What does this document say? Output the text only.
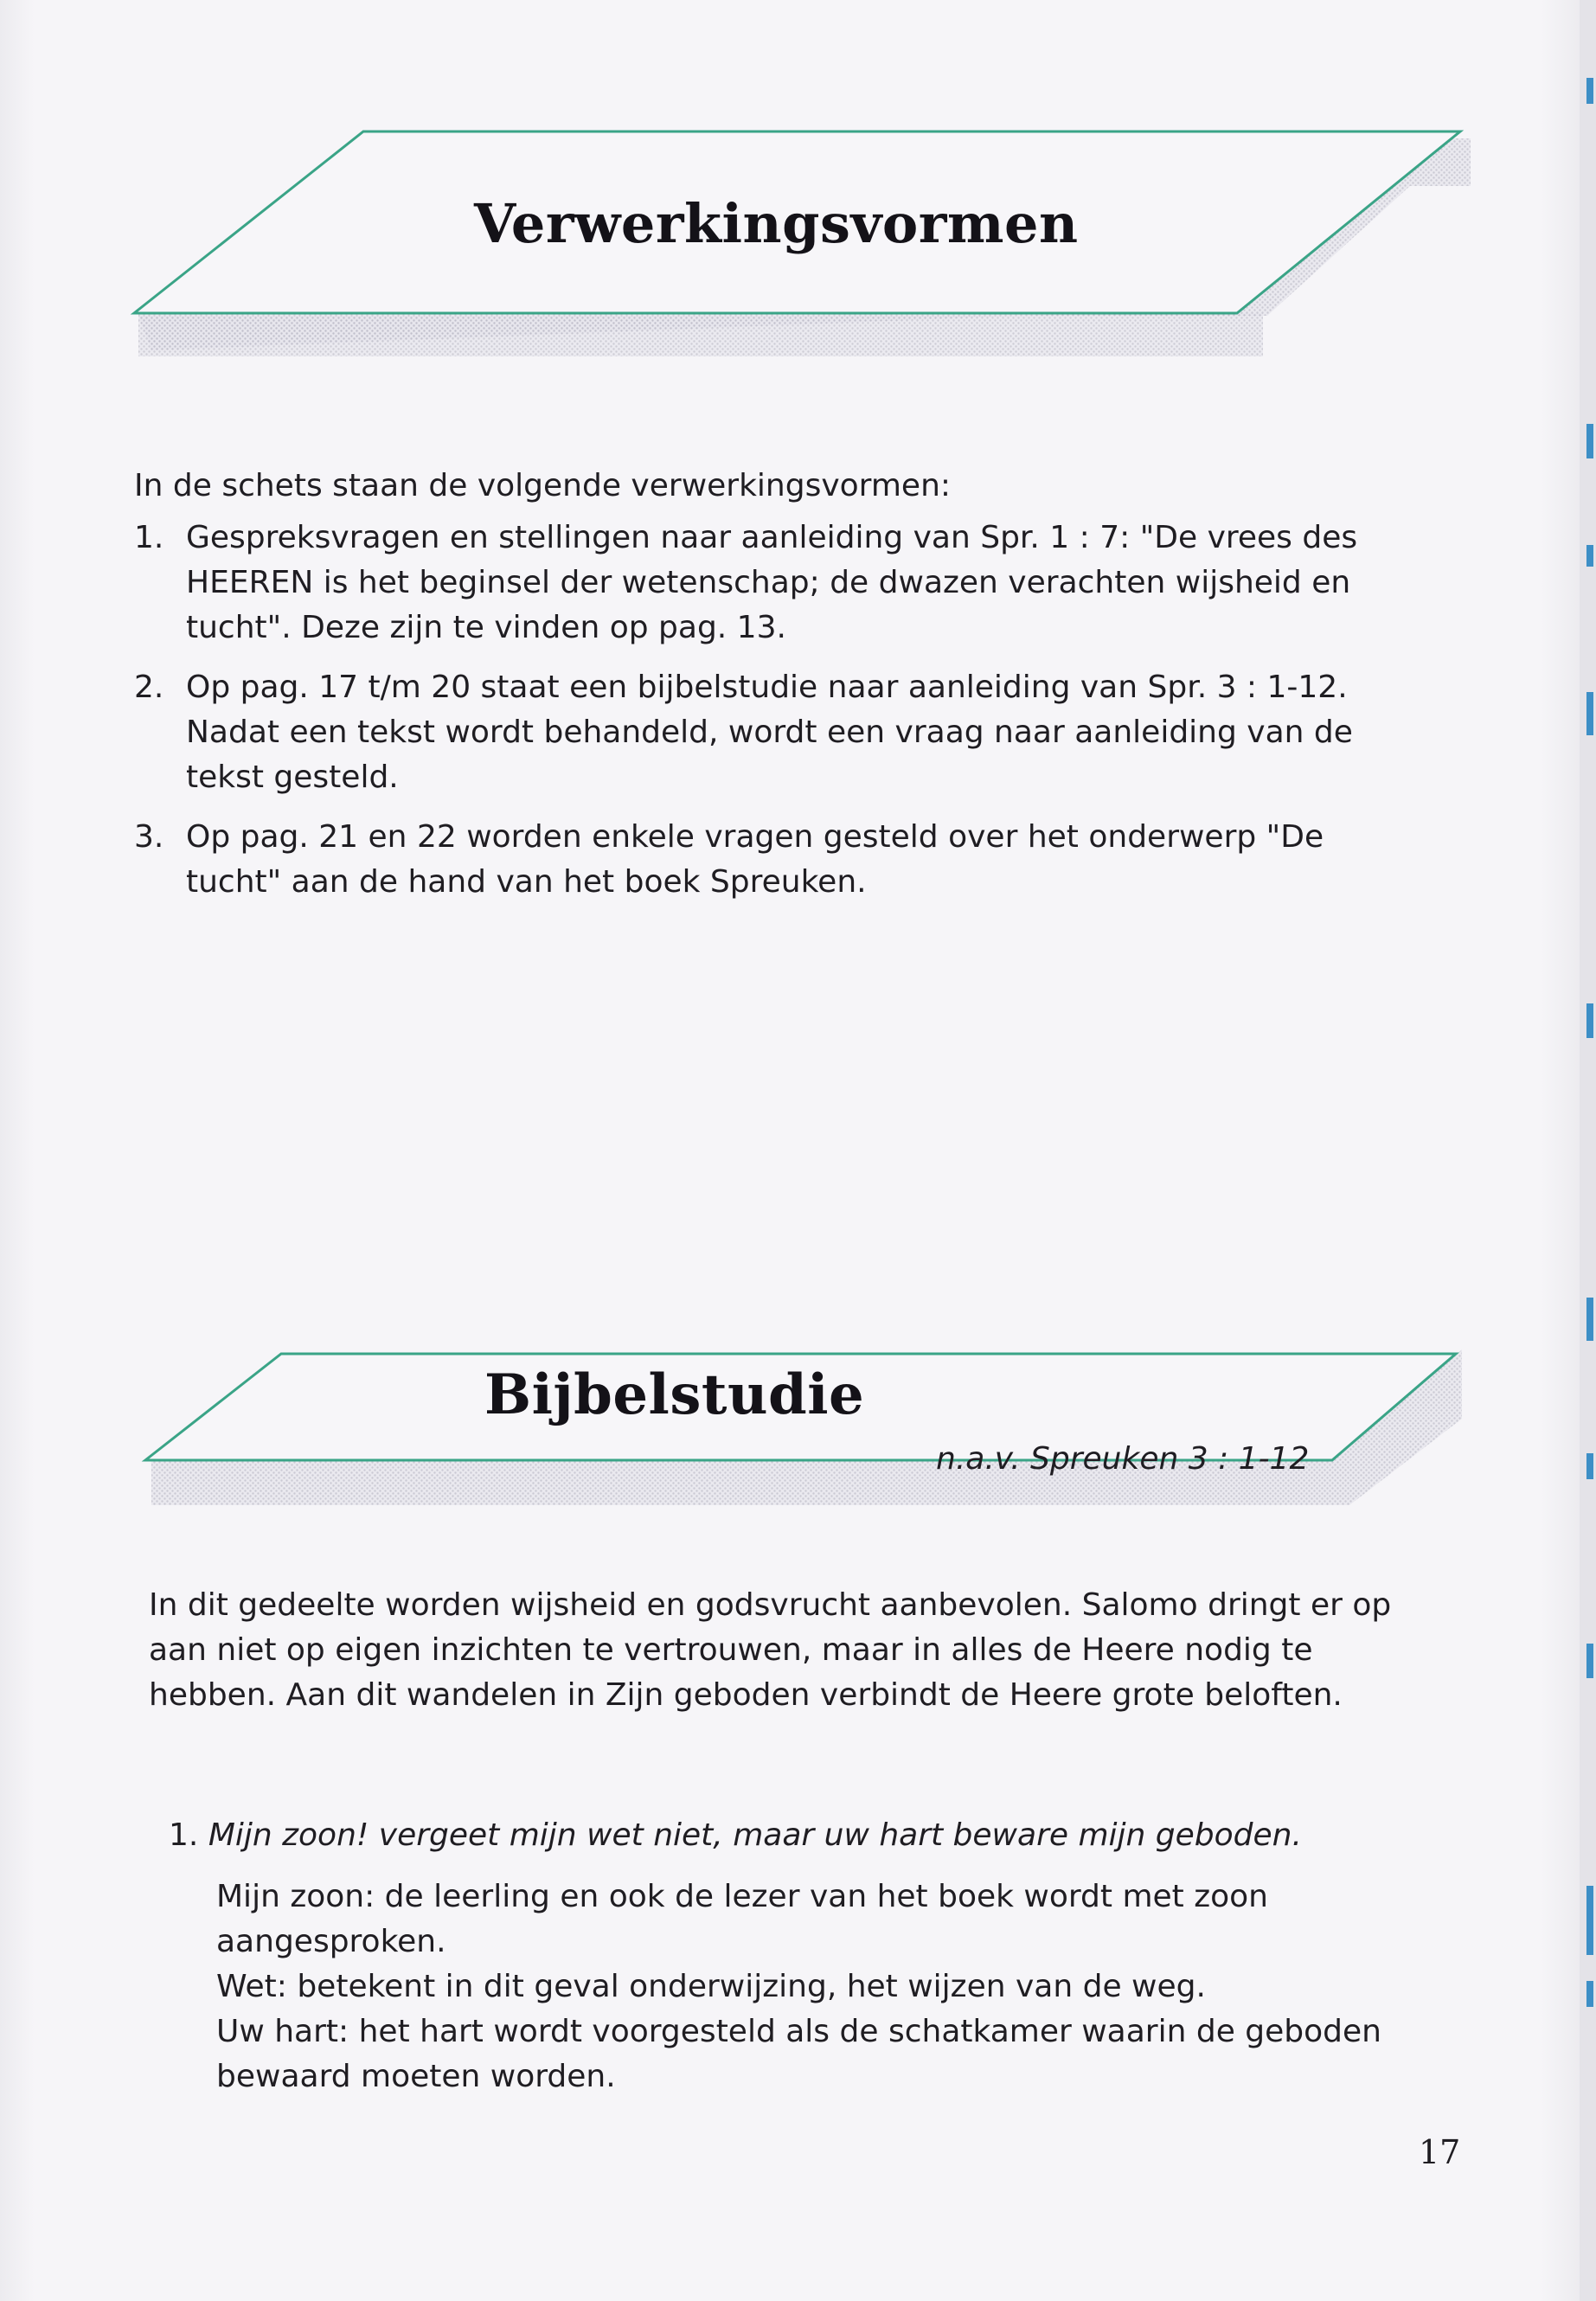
Verwerkingsvormen

In de schets staan de volgende verwerkingsvormen:

1. Gespreksvragen en stellingen naar aanleiding van Spr. 1 : 7: "De vrees des HEEREN is het beginsel der wetenschap; de dwazen verachten wijsheid en tucht". Deze zijn te vinden op pag. 13.
2. Op pag. 17 t/m 20 staat een bijbelstudie naar aanleiding van Spr. 3 : 1-12. Nadat een tekst wordt behandeld, wordt een vraag naar aanleiding van de tekst gesteld.
3. Op pag. 21 en 22 worden enkele vragen gesteld over het onderwerp "De tucht" aan de hand van het boek Spreuken.
Bijbelstudie

n.a.v. Spreuken 3 : 1-12

In dit gedeelte worden wijsheid en godsvrucht aanbevolen. Salomo dringt er op aan niet op eigen inzichten te vertrouwen, maar in alles de Heere nodig te hebben. Aan dit wandelen in Zijn geboden verbindt de Heere grote beloften.

1. Mijn zoon! vergeet mijn wet niet, maar uw hart beware mijn geboden.

Mijn zoon: de leerling en ook de lezer van het boek wordt met zoon aangesproken.

Wet: betekent in dit geval onderwijzing, het wijzen van de weg.

Uw hart: het hart wordt voorgesteld als de schatkamer waarin de geboden bewaard moeten worden.

17
